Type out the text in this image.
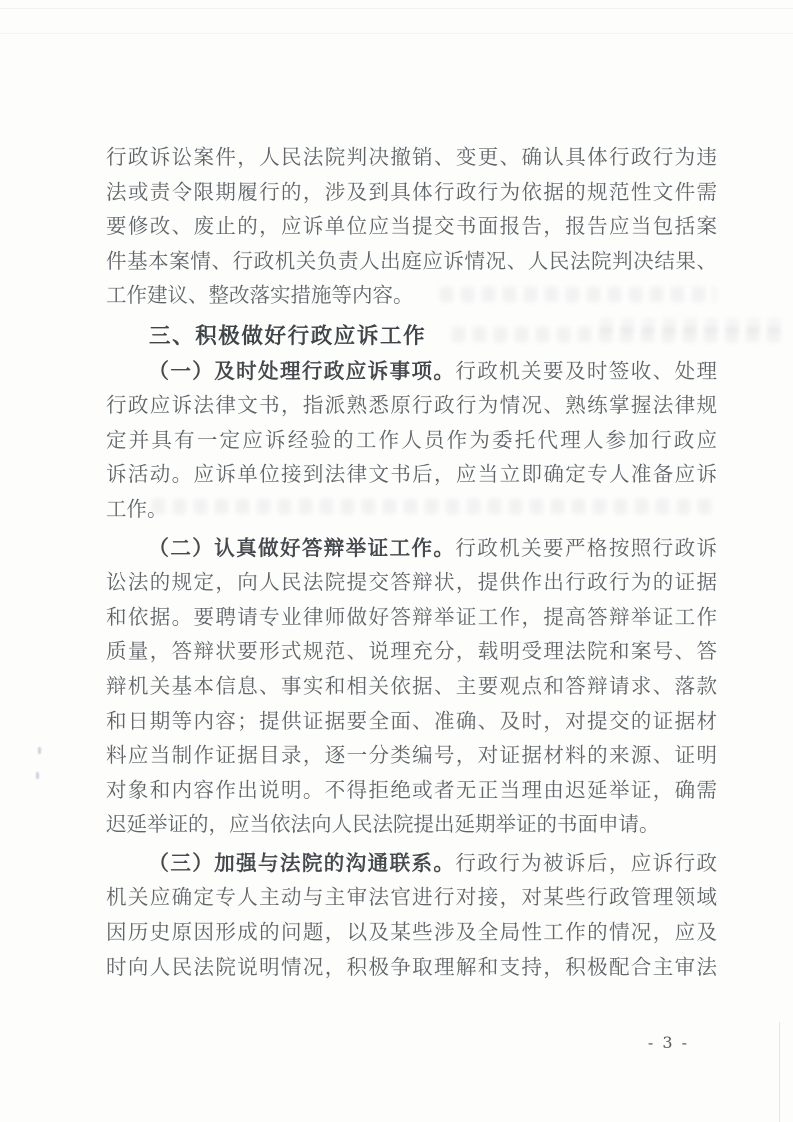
行政诉讼案件，人民法院判决撤销、变更、确认具体行政行为违
法或责令限期履行的，涉及到具体行政行为依据的规范性文件需
要修改、废止的，应诉单位应当提交书面报告，报告应当包括案
件基本案情、行政机关负责人出庭应诉情况、人民法院判决结果、
工作建议、整改落实措施等内容。
三、积极做好行政应诉工作
（一）及时处理行政应诉事项。行政机关要及时签收、处理
行政应诉法律文书，指派熟悉原行政行为情况、熟练掌握法律规
定并具有一定应诉经验的工作人员作为委托代理人参加行政应
诉活动。应诉单位接到法律文书后，应当立即确定专人准备应诉
工作。
（二）认真做好答辩举证工作。行政机关要严格按照行政诉
讼法的规定，向人民法院提交答辩状，提供作出行政行为的证据
和依据。要聘请专业律师做好答辩举证工作，提高答辩举证工作
质量，答辩状要形式规范、说理充分，载明受理法院和案号、答
辩机关基本信息、事实和相关依据、主要观点和答辩请求、落款
和日期等内容；提供证据要全面、准确、及时，对提交的证据材
料应当制作证据目录，逐一分类编号，对证据材料的来源、证明
对象和内容作出说明。不得拒绝或者无正当理由迟延举证，确需
迟延举证的，应当依法向人民法院提出延期举证的书面申请。
（三）加强与法院的沟通联系。行政行为被诉后，应诉行政
机关应确定专人主动与主审法官进行对接，对某些行政管理领域
因历史原因形成的问题，以及某些涉及全局性工作的情况，应及
时向人民法院说明情况，积极争取理解和支持，积极配合主审法
- 3 -
